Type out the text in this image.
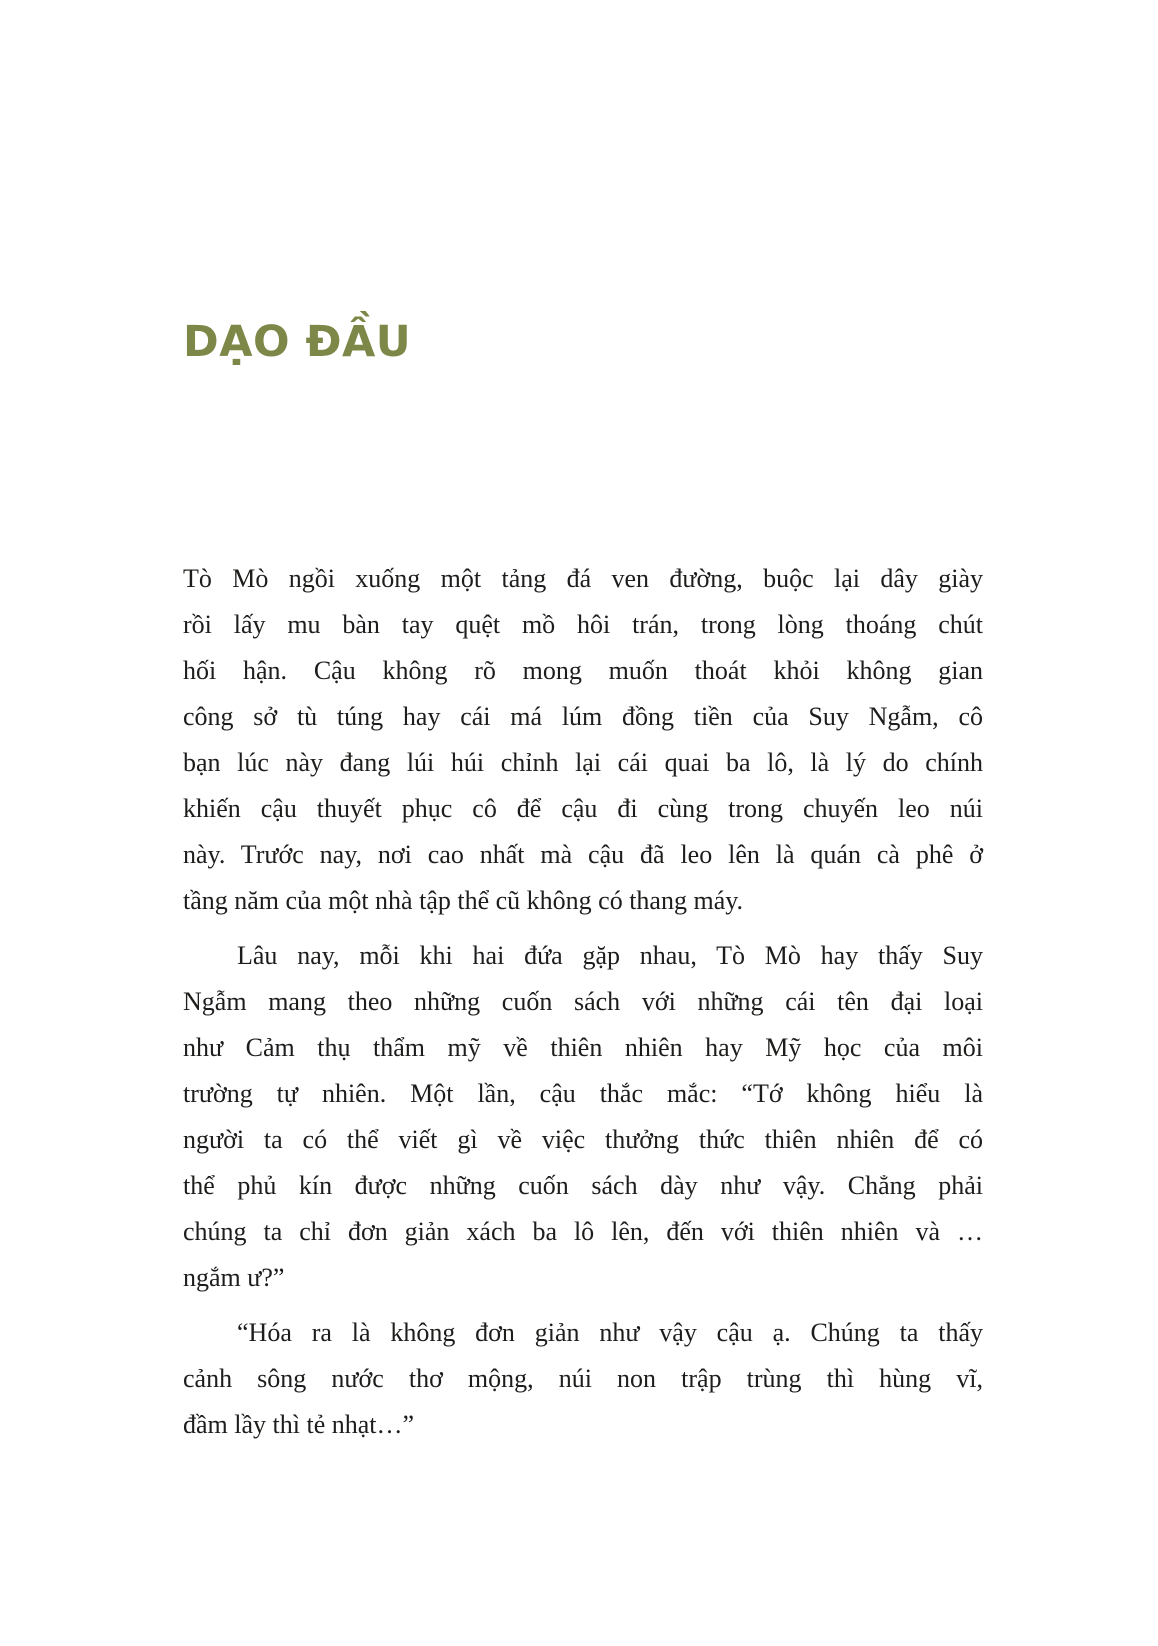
DẠO ĐẦU

Tò Mò ngồi xuống một tảng đá ven đường, buộc lại dây giày
rồi lấy mu bàn tay quệt mồ hôi trán, trong lòng thoáng chút
hối hận. Cậu không rõ mong muốn thoát khỏi không gian
công sở tù túng hay cái má lúm đồng tiền của Suy Ngẫm, cô
bạn lúc này đang lúi húi chỉnh lại cái quai ba lô, là lý do chính
khiến cậu thuyết phục cô để cậu đi cùng trong chuyến leo núi
này. Trước nay, nơi cao nhất mà cậu đã leo lên là quán cà phê ở
tầng năm của một nhà tập thể cũ không có thang máy.

Lâu nay, mỗi khi hai đứa gặp nhau, Tò Mò hay thấy Suy
Ngẫm mang theo những cuốn sách với những cái tên đại loại
như Cảm thụ thẩm mỹ về thiên nhiên hay Mỹ học của môi
trường tự nhiên. Một lần, cậu thắc mắc: “Tớ không hiểu là
người ta có thể viết gì về việc thưởng thức thiên nhiên để có
thể phủ kín được những cuốn sách dày như vậy. Chẳng phải
chúng ta chỉ đơn giản xách ba lô lên, đến với thiên nhiên và …
ngắm ư?”

“Hóa ra là không đơn giản như vậy cậu ạ. Chúng ta thấy
cảnh sông nước thơ mộng, núi non trập trùng thì hùng vĩ,
đầm lầy thì tẻ nhạt…”
